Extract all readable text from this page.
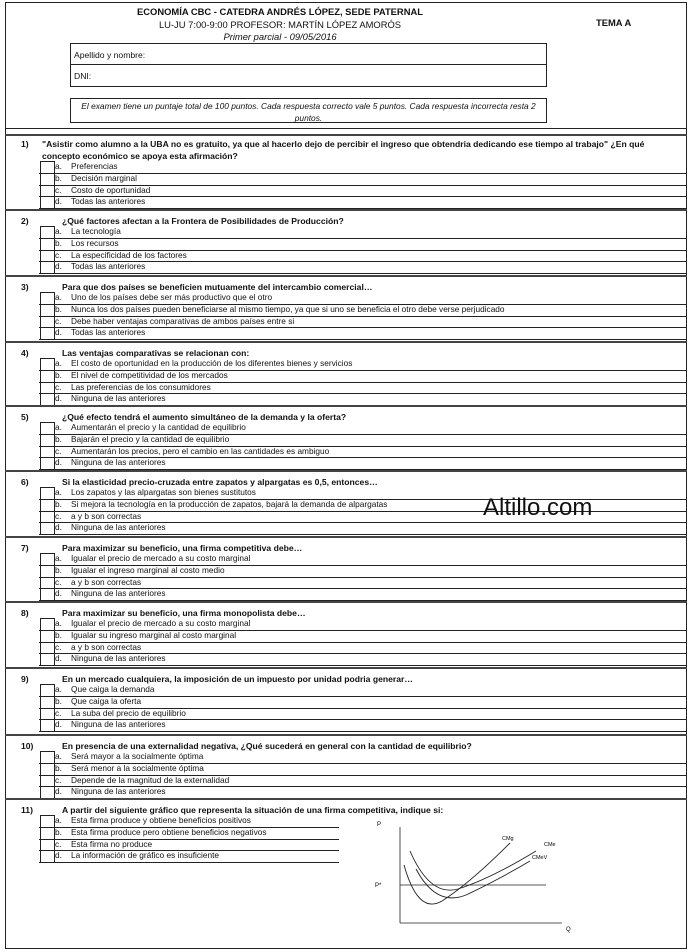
ECONOMÍA CBC - CATEDRA ANDRÉS LÓPEZ, SEDE PATERNAL
LU-JU 7:00-9:00 PROFESOR: MARTÍN LÓPEZ AMORÓS
Primer parcial - 09/05/2016
TEMA A
Apellido y nombre:
DNI:
El examen tiene un puntaje total de 100 puntos. Cada respuesta correcto vale 5 puntos. Cada respuesta incorrecta resta 2 puntos.
1) "Asistir como alumno a la UBA no es gratuito, ya que al hacerlo dejo de percibir el ingreso que obtendria dedicando ese tiempo al trabajo" ¿En qué concepto económico se apoya esta afirmación?
a. Preferencias
b. Decisión marginal
c. Costo de oportunidad
d. Todas las anteriores
2)	¿Qué factores afectan a la Frontera de Posibilidades de Producción?
a. La tecnología
b. Los recursos
c. La especificidad de los factores
d. Todas las anteriores
3)	Para que dos países se beneficien mutuamente del intercambio comercial…
a. Uno de los países debe ser más productivo que el otro
b. Nunca los dos países pueden beneficiarse al mismo tiempo, ya que si uno se beneficia el otro debe verse perjudicado
c. Debe haber ventajas comparativas de ambos países entre si
d. Todas las anteriores
4)	Las ventajas comparativas se relacionan con:
a. El costo de oportunidad en la producción de los diferentes bienes y servicios
b. El nivel de competitividad de los mercados
c. Las preferencias de los consumidores
d. Ninguna de las anteriores
5)	¿Qué efecto tendrá el aumento simultáneo de la demanda y la oferta?
a. Aumentarán el precio y la cantidad de equilibrio
b. Bajarán el precio y la cantidad de equilibrio
c. Aumentarán los precios, pero el cambio en las cantidades es ambiguo
d. Ninguna de las anteriores
6)	Si la elasticidad precio-cruzada entre zapatos y alpargatas es 0,5, entonces…
a. Los zapatos y las alpargatas son bienes sustitutos
b. Si mejora la tecnología en la producción de zapatos, bajará la demanda de alpargatas
c. a y b son correctas
d. Ninguna de las anteriores
7)	Para maximizar su beneficio, una firma competitiva debe…
a. Igualar el precio de mercado a su costo marginal
b. Igualar el ingreso marginal al costo medio
c. a y b son correctas
d. Ninguna de las anteriores
8)	Para maximizar su beneficio, una firma monopolista debe…
a. Igualar el precio de mercado a su costo marginal
b. Igualar su ingreso marginal al costo marginal
c. a y b son correctas
d. Ninguna de las anteriores
9)	En un mercado cualquiera, la imposición de un impuesto por unidad podria generar…
a. Que caiga la demanda
b. Que caiga la oferta
c. La suba del precio de equilibrio
d. Ninguna de las anteriores
10)	En presencia de una externalidad negativa, ¿Qué sucederá en general con la cantidad de equilibrio?
a. Será mayor a la socialmente óptima
b. Será menor a la socialmente óptima
c. Depende de la magnitud de la externalidad
d. Ninguna de las anteriores
11)	A partir del siguiente gráfico que representa la situación de una firma competitiva, indique si:
a. Esta firma produce y obtiene beneficios positivos
b. Esta firma produce pero obtiene beneficios negativos
c. Esta firma no produce
d. La información de gráfico es insuficiente
Altillo.com
P
Q
P*
CMg
CMe
CMeV
